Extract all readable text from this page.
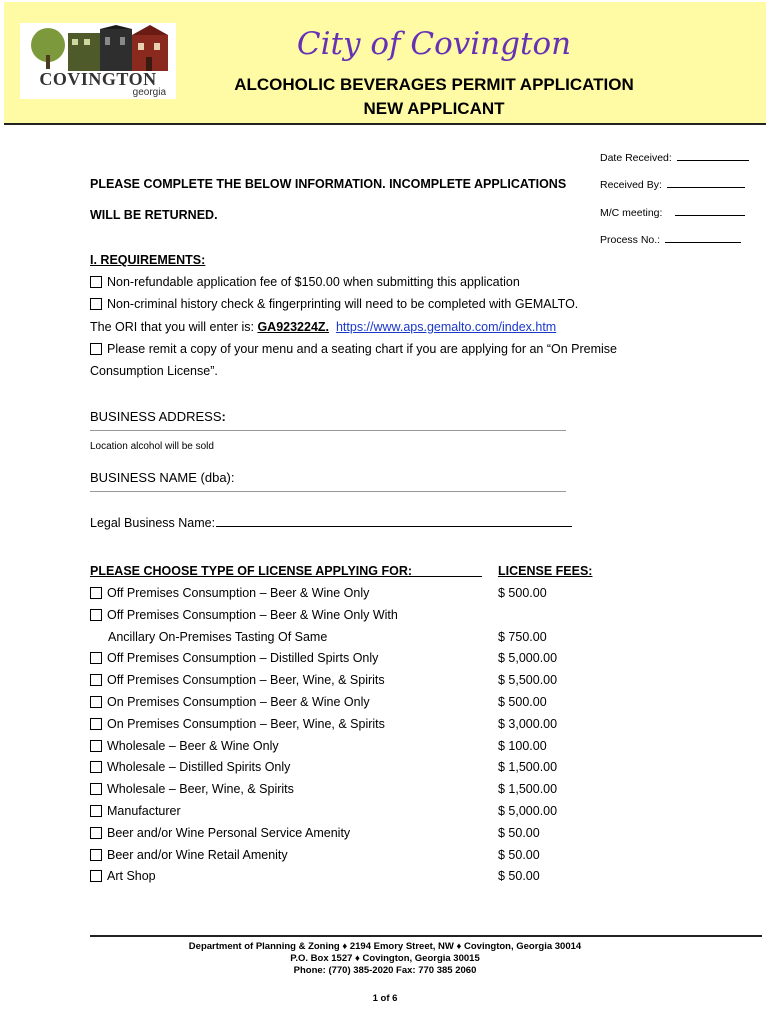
COVINGTON
georgia
City of Covington
ALCOHOLIC BEVERAGES PERMIT APPLICATION
NEW APPLICANT
Date Received:
Received By:
M/C meeting:
Process No.:
PLEASE COMPLETE THE BELOW INFORMATION. INCOMPLETE APPLICATIONS
WILL BE RETURNED.
I. REQUIREMENTS:
Non-refundable application fee of $150.00 when submitting this application
Non-criminal history check & fingerprinting will need to be completed with GEMALTO.
The ORI that you will enter is: GA923224Z. https://www.aps.gemalto.com/index.htm
Please remit a copy of your menu and a seating chart if you are applying for an “On Premise
Consumption License”.
BUSINESS ADDRESS:
Location alcohol will be sold
BUSINESS NAME (dba):
Legal Business Name:
PLEASE CHOOSE TYPE OF LICENSE APPLYING FOR:	LICENSE FEES:
Off Premises Consumption – Beer & Wine Only	$ 500.00
Off Premises Consumption – Beer & Wine Only With
Ancillary On-Premises Tasting Of Same	$ 750.00
Off Premises Consumption – Distilled Spirts Only	$ 5,000.00
Off Premises Consumption – Beer, Wine, & Spirits	$ 5,500.00
On Premises Consumption – Beer & Wine Only	$ 500.00
On Premises Consumption – Beer, Wine, & Spirits	$ 3,000.00
Wholesale – Beer & Wine Only	$ 100.00
Wholesale – Distilled Spirits Only	$ 1,500.00
Wholesale – Beer, Wine, & Spirits	$ 1,500.00
Manufacturer	$ 5,000.00
Beer and/or Wine Personal Service Amenity	$ 50.00
Beer and/or Wine Retail Amenity	$ 50.00
Art Shop	$ 50.00
Department of Planning & Zoning ♦ 2194 Emory Street, NW ♦ Covington, Georgia 30014
P.O. Box 1527 ♦ Covington, Georgia 30015
Phone: (770) 385-2020 Fax: 770 385 2060
1 of 6
